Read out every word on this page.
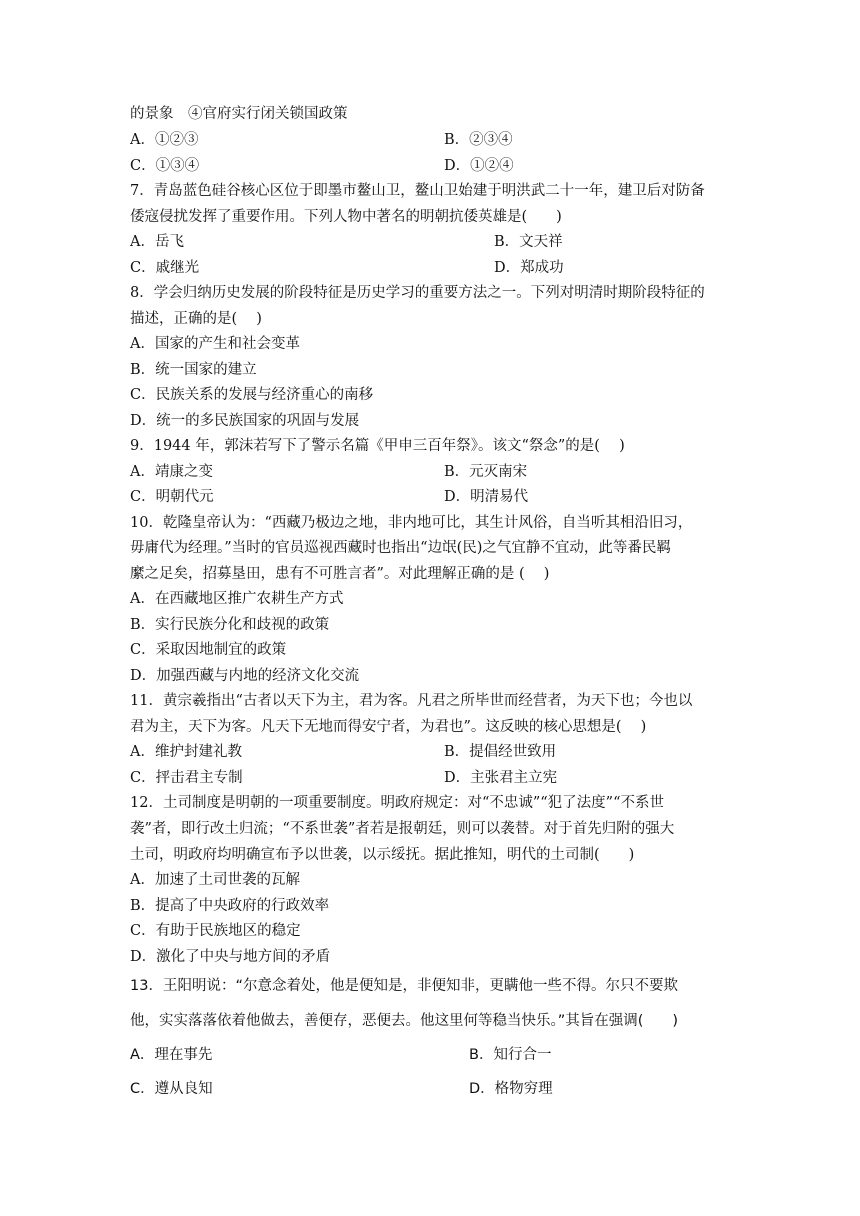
的景象　④官府实行闭关锁国政策
A．①②③	B．②③④
C．①③④	D．①②④
7．青岛蓝色硅谷核心区位于即墨市鳌山卫，鳌山卫始建于明洪武二十一年，建卫后对防备
倭寇侵扰发挥了重要作用。下列人物中著名的明朝抗倭英雄是(　　)
A．岳飞	B．文天祥
C．戚继光	D．郑成功
8．学会归纳历史发展的阶段特征是历史学习的重要方法之一。下列对明清时期阶段特征的
描述，正确的是(　 )
A．国家的产生和社会变革
B．统一国家的建立
C．民族关系的发展与经济重心的南移
D．统一的多民族国家的巩固与发展
9．1944 年，郭沫若写下了警示名篇《甲申三百年祭》。该文“祭念”的是(　 )
A．靖康之变	B．元灭南宋
C．明朝代元	D．明清易代
10．乾隆皇帝认为：“西藏乃极边之地，非内地可比，其生计风俗，自当听其相沿旧习，
毋庸代为经理。”当时的官员巡视西藏时也指出“边氓(民)之气宜静不宜动，此等番民羁
縻之足矣，招募垦田，患有不可胜言者”。对此理解正确的是 (　 )
A．在西藏地区推广农耕生产方式
B．实行民族分化和歧视的政策
C．采取因地制宜的政策
D．加强西藏与内地的经济文化交流
11．黄宗羲指出“古者以天下为主，君为客。凡君之所毕世而经营者，为天下也；今也以
君为主，天下为客。凡天下无地而得安宁者，为君也”。这反映的核心思想是(　 )
A．维护封建礼教	B．提倡经世致用
C．抨击君主专制	D．主张君主立宪
12．土司制度是明朝的一项重要制度。明政府规定：对“不忠诚”“犯了法度”“不系世
袭”者，即行改土归流；“不系世袭”者若是报朝廷，则可以袭替。对于首先归附的强大
土司，明政府均明确宣布予以世袭，以示绥抚。据此推知，明代的土司制(　　)
A．加速了土司世袭的瓦解
B．提高了中央政府的行政效率
C．有助于民族地区的稳定
D．激化了中央与地方间的矛盾
13．王阳明说：“尔意念着处，他是便知是，非便知非，更瞒他一些不得。尔只不要欺
他，实实落落依着他做去，善便存，恶便去。他这里何等稳当快乐。”其旨在强调(　　)
A．理在事先	B．知行合一
C．遵从良知	D．格物穷理
